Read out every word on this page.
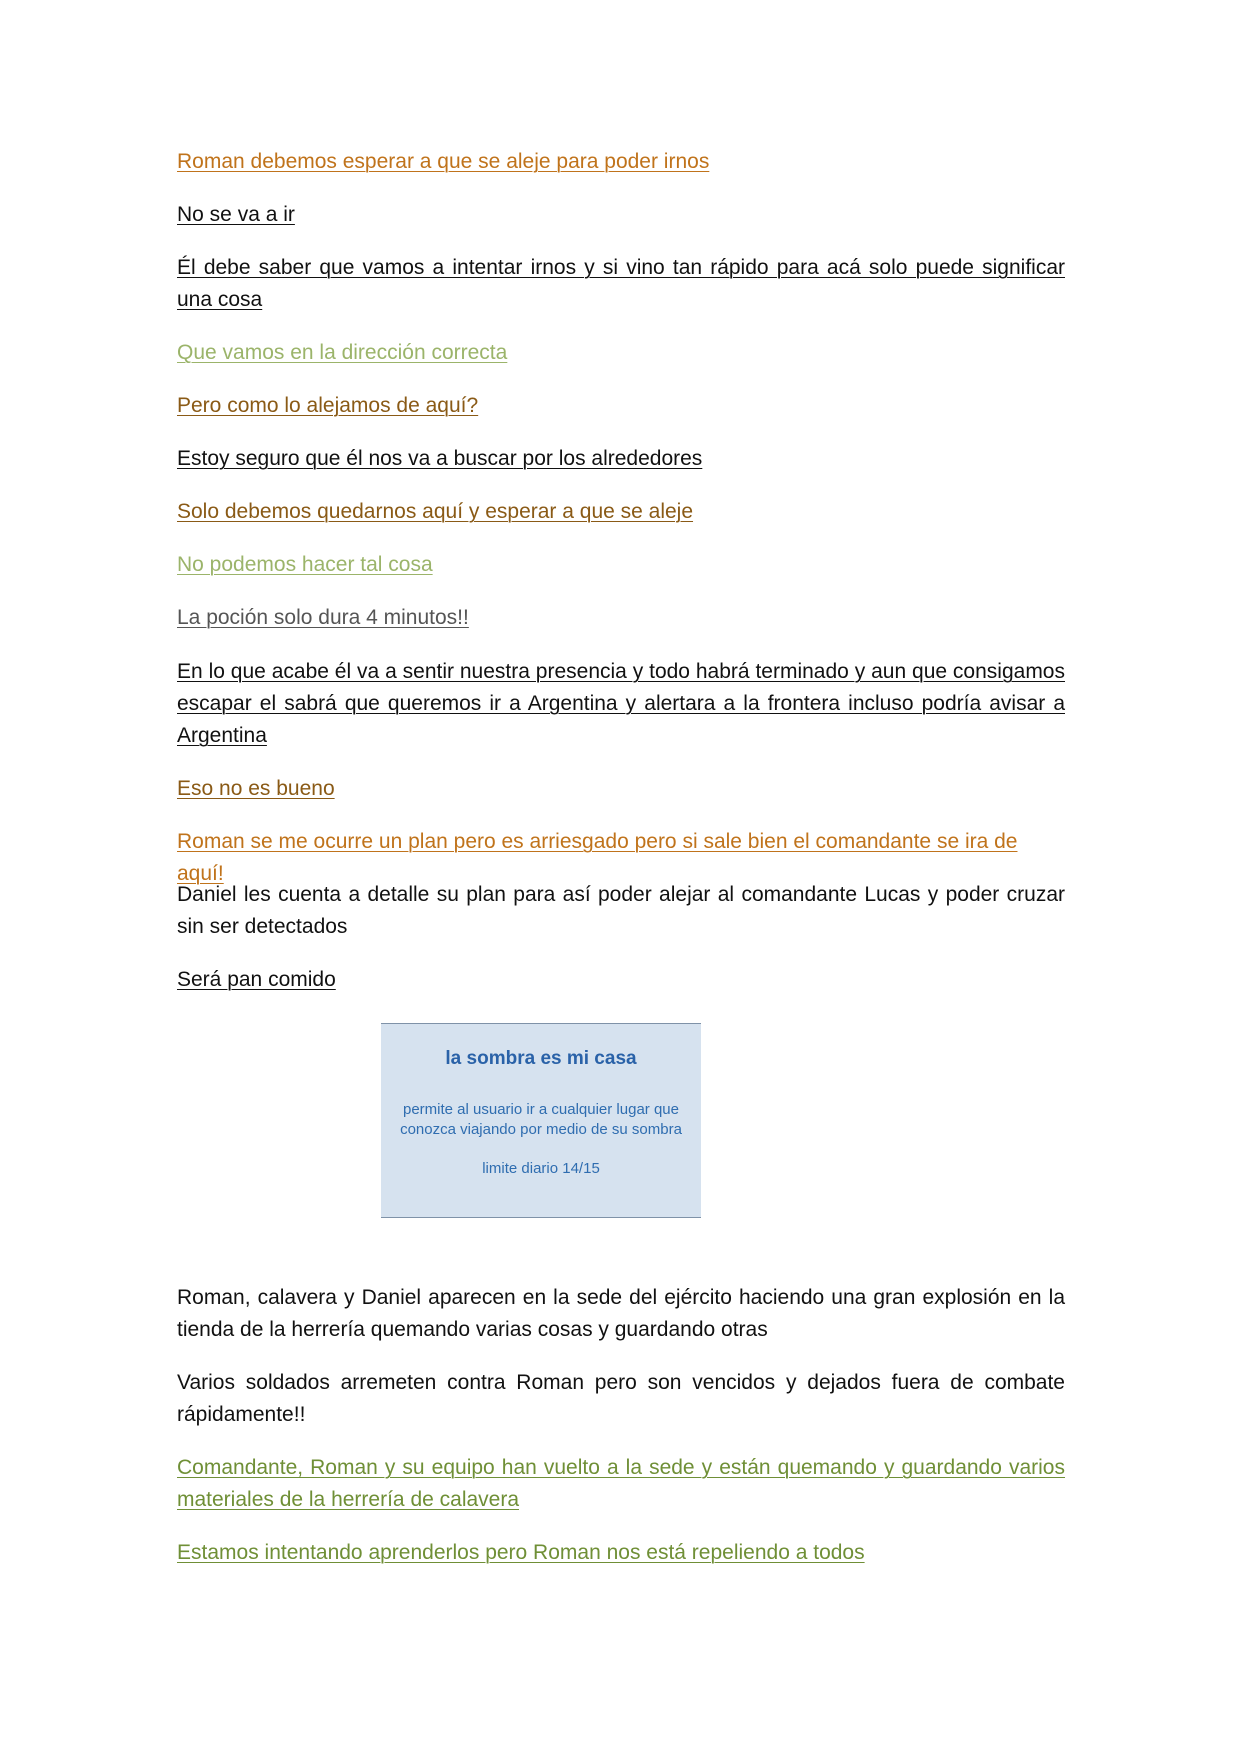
Roman debemos esperar a que se aleje para poder irnos

No se va a ir

Él debe saber que vamos a intentar irnos y si vino tan rápido para acá solo puede significar una cosa

Que vamos en la dirección correcta

Pero como lo alejamos de aquí?

Estoy seguro que él nos va a buscar por los alrededores

Solo debemos quedarnos aquí y esperar a que se aleje

No podemos hacer tal cosa

La poción solo dura 4 minutos!!

En lo que acabe él va a sentir nuestra presencia y todo habrá terminado y aun que consigamos escapar el sabrá que queremos ir a Argentina y alertara a la frontera incluso podría avisar a Argentina

Eso no es bueno

Roman se me ocurre un plan pero es arriesgado pero si sale bien el comandante se ira de aquí!

Daniel les cuenta a detalle su plan para así poder alejar al comandante Lucas y poder cruzar sin ser detectados

Será pan comido

Roman, calavera y Daniel aparecen en la sede del ejército haciendo una gran explosión en la tienda de la herrería quemando varias cosas y guardando otras

Varios soldados arremeten contra Roman pero son vencidos y dejados fuera de combate rápidamente!!

Comandante, Roman y su equipo han vuelto a la sede y están quemando y guardando varios materiales de la herrería de calavera

Estamos intentando aprenderlos pero Roman nos está repeliendo a todos

la sombra es mi casa
permite al usuario ir a cualquier lugar que conozca viajando por medio de su sombra
limite diario 14/15
